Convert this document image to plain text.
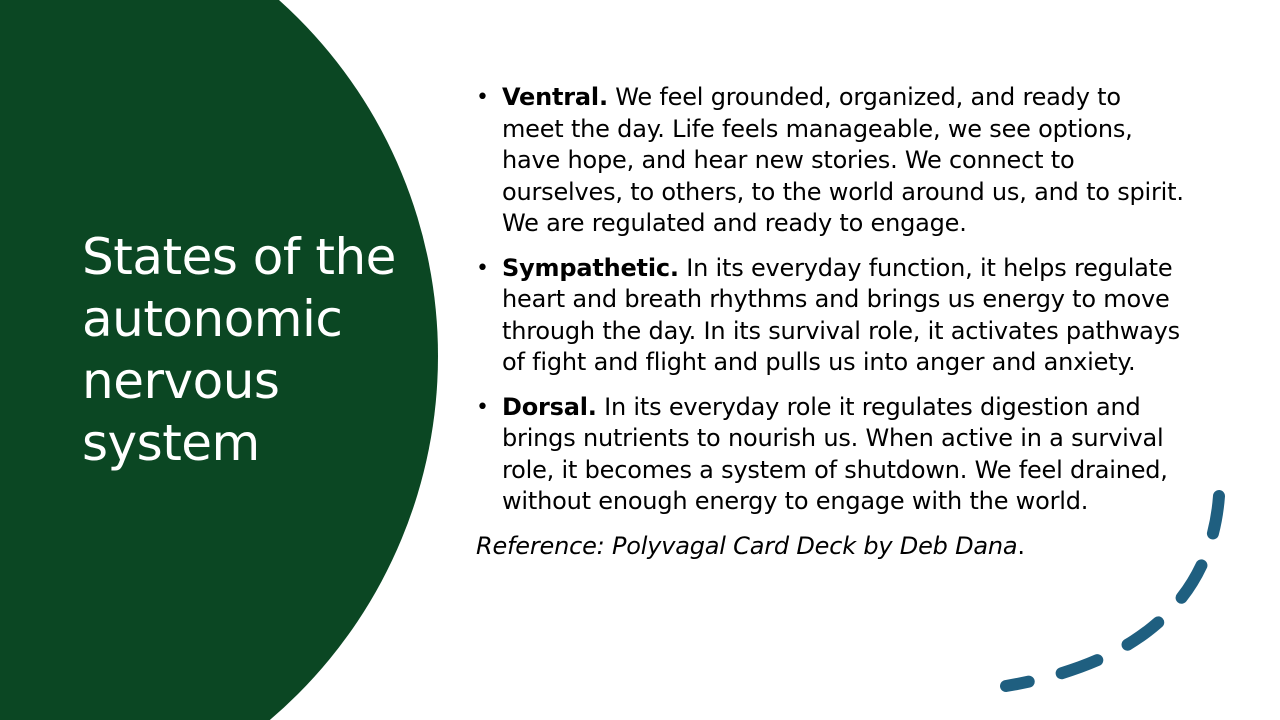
States of the
autonomic
nervous
system
• Ventral. We feel grounded, organized, and ready to meet the day. Life feels manageable, we see options, have hope, and hear new stories. We connect to ourselves, to others, to the world around us, and to spirit. We are regulated and ready to engage.
• Sympathetic. In its everyday function, it helps regulate heart and breath rhythms and brings us energy to move through the day. In its survival role, it activates pathways of fight and flight and pulls us into anger and anxiety.
• Dorsal. In its everyday role it regulates digestion and brings nutrients to nourish us. When active in a survival role, it becomes a system of shutdown. We feel drained, without enough energy to engage with the world.

Reference: Polyvagal Card Deck by Deb Dana.
